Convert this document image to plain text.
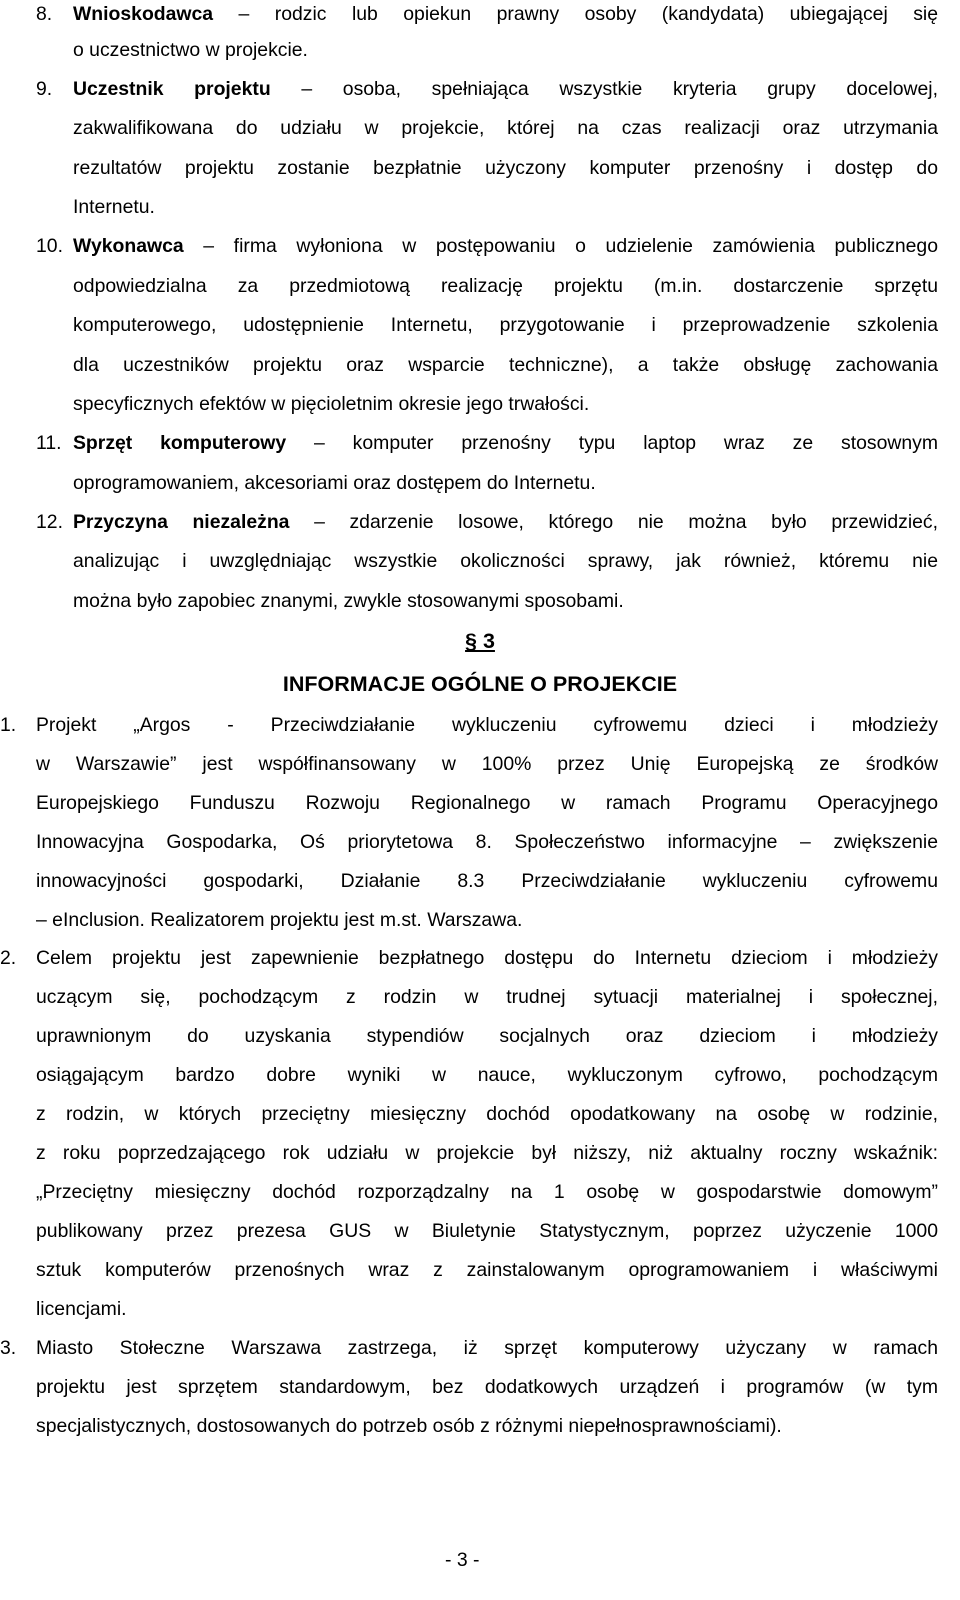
8. Wnioskodawca – rodzic lub opiekun prawny osoby (kandydata) ubiegającej się
o uczestnictwo w projekcie.
9. Uczestnik projektu – osoba, spełniająca wszystkie kryteria grupy docelowej,
zakwalifikowana do udziału w projekcie, której na czas realizacji oraz utrzymania
rezultatów projektu zostanie bezpłatnie użyczony komputer przenośny i dostęp do
Internetu.
10. Wykonawca – firma wyłoniona w postępowaniu o udzielenie zamówienia publicznego
odpowiedzialna za przedmiotową realizację projektu (m.in. dostarczenie sprzętu
komputerowego, udostępnienie Internetu, przygotowanie i przeprowadzenie szkolenia
dla uczestników projektu oraz wsparcie techniczne), a także obsługę zachowania
specyficznych efektów w pięcioletnim okresie jego trwałości.
11. Sprzęt komputerowy – komputer przenośny typu laptop wraz ze stosownym
oprogramowaniem, akcesoriami oraz dostępem do Internetu.
12. Przyczyna niezależna – zdarzenie losowe, którego nie można było przewidzieć,
analizując i uwzględniając wszystkie okoliczności sprawy, jak również, któremu nie
można było zapobiec znanymi, zwykle stosowanymi sposobami.
§ 3
INFORMACJE OGÓLNE O PROJEKCIE
1. Projekt „Argos - Przeciwdziałanie wykluczeniu cyfrowemu dzieci i młodzieży
w Warszawie” jest współfinansowany w 100% przez Unię Europejską ze środków
Europejskiego Funduszu Rozwoju Regionalnego w ramach Programu Operacyjnego
Innowacyjna Gospodarka, Oś priorytetowa 8. Społeczeństwo informacyjne – zwiększenie
innowacyjności gospodarki, Działanie 8.3 Przeciwdziałanie wykluczeniu cyfrowemu
– eInclusion. Realizatorem projektu jest m.st. Warszawa.
2. Celem projektu jest zapewnienie bezpłatnego dostępu do Internetu dzieciom i młodzieży
uczącym się, pochodzącym z rodzin w trudnej sytuacji materialnej i społecznej,
uprawnionym do uzyskania stypendiów socjalnych oraz dzieciom i młodzieży
osiągającym bardzo dobre wyniki w nauce, wykluczonym cyfrowo, pochodzącym
z rodzin, w których przeciętny miesięczny dochód opodatkowany na osobę w rodzinie,
z roku poprzedzającego rok udziału w projekcie był niższy, niż aktualny roczny wskaźnik:
„Przeciętny miesięczny dochód rozporządzalny na 1 osobę w gospodarstwie domowym”
publikowany przez prezesa GUS w Biuletynie Statystycznym, poprzez użyczenie 1000
sztuk komputerów przenośnych wraz z zainstalowanym oprogramowaniem i właściwymi
licencjami.
3. Miasto Stołeczne Warszawa zastrzega, iż sprzęt komputerowy użyczany w ramach
projektu jest sprzętem standardowym, bez dodatkowych urządzeń i programów (w tym
specjalistycznych, dostosowanych do potrzeb osób z różnymi niepełnosprawnościami).
- 3 -
